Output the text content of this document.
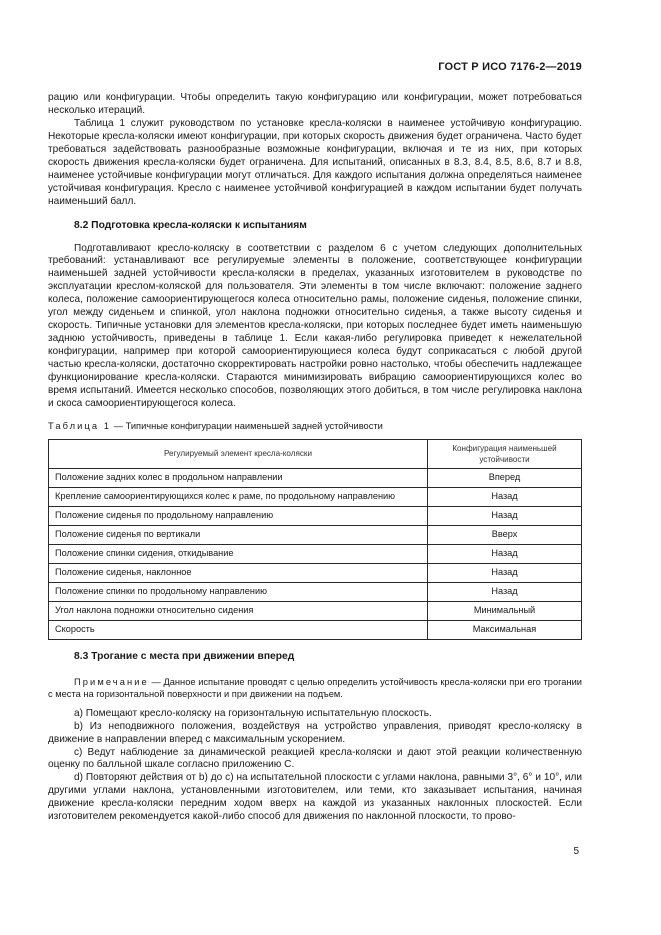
ГОСТ Р ИСО 7176-2—2019

рацию или конфигурации. Чтобы определить такую конфигурацию или конфигурации, может потребоваться несколько итераций.

Таблица 1 служит руководством по установке кресла-коляски в наименее устойчивую конфигурацию. Некоторые кресла-коляски имеют конфигурации, при которых скорость движения будет ограничена. Часто будет требоваться задействовать разнообразные возможные конфигурации, включая и те из них, при которых скорость движения кресла-коляски будет ограничена. Для испытаний, описанных в 8.3, 8.4, 8.5, 8.6, 8.7 и 8.8, наименее устойчивые конфигурации могут отличаться. Для каждого испытания должна определяться наименее устойчивая конфигурация. Кресло с наименее устойчивой конфигурацией в каждом испытании будет получать наименьший балл.

8.2 Подготовка кресла-коляски к испытаниям

Подготавливают кресло-коляску в соответствии с разделом 6 с учетом следующих дополнительных требований: устанавливают все регулируемые элементы в положение, соответствующее конфигурации наименьшей задней устойчивости кресла-коляски в пределах, указанных изготовителем в руководстве по эксплуатации креслом-коляской для пользователя. Эти элементы в том числе включают: положение заднего колеса, положение самоориентирующегося колеса относительно рамы, положение сиденья, положение спинки, угол между сиденьем и спинкой, угол наклона подножки относительно сиденья, а также высоту сиденья и скорость. Типичные установки для элементов кресла-коляски, при которых последнее будет иметь наименьшую заднюю устойчивость, приведены в таблице 1. Если какая-либо регулировка приведет к нежелательной конфигурации, например при которой самоориентирующиеся колеса будут соприкасаться с любой другой частью кресла-коляски, достаточно скорректировать настройки ровно настолько, чтобы обеспечить надлежащее функционирование кресла-коляски. Стараются минимизировать вибрацию самоориентирующихся колес во время испытаний. Имеется несколько способов, позволяющих этого добиться, в том числе регулировка наклона и скоса самоориентирующегося колеса.

Таблица 1 — Типичные конфигурации наименьшей задней устойчивости
Регулируемый элемент кресла-коляски	Конфигурация наименьшей устойчивости
Положение задних колес в продольном направлении	Вперед
Крепление самоориентирующихся колес к раме, по продольному направлению	Назад
Положение сиденья по продольному направлению	Назад
Положение сиденья по вертикали	Вверх
Положение спинки сидения, откидывание	Назад
Положение сиденья, наклонное	Назад
Положение спинки по продольному направлению	Назад
Угол наклона подножки относительно сидения	Минимальный
Скорость	Максимальная
8.3 Трогание с места при движении вперед

Примечание — Данное испытание проводят с целью определить устойчивость кресла-коляски при его трогании с места на горизонтальной поверхности и при движении на подъем.

а) Помещают кресло-коляску на горизонтальную испытательную плоскость.

b) Из неподвижного положения, воздействуя на устройство управления, приводят кресло-коляску в движение в направлении вперед с максимальным ускорением.

с) Ведут наблюдение за динамической реакцией кресла-коляски и дают этой реакции количественную оценку по балльной шкале согласно приложению С.

d) Повторяют действия от b) до с) на испытательной плоскости с углами наклона, равными 3°, 6° и 10°, или другими углами наклона, установленными изготовителем, или теми, кто заказывает испытания, начиная движение кресла-коляски передним ходом вверх на каждой из указанных наклонных плоскостей. Если изготовителем рекомендуется какой-либо способ для движения по наклонной плоскости, то прово-

5
